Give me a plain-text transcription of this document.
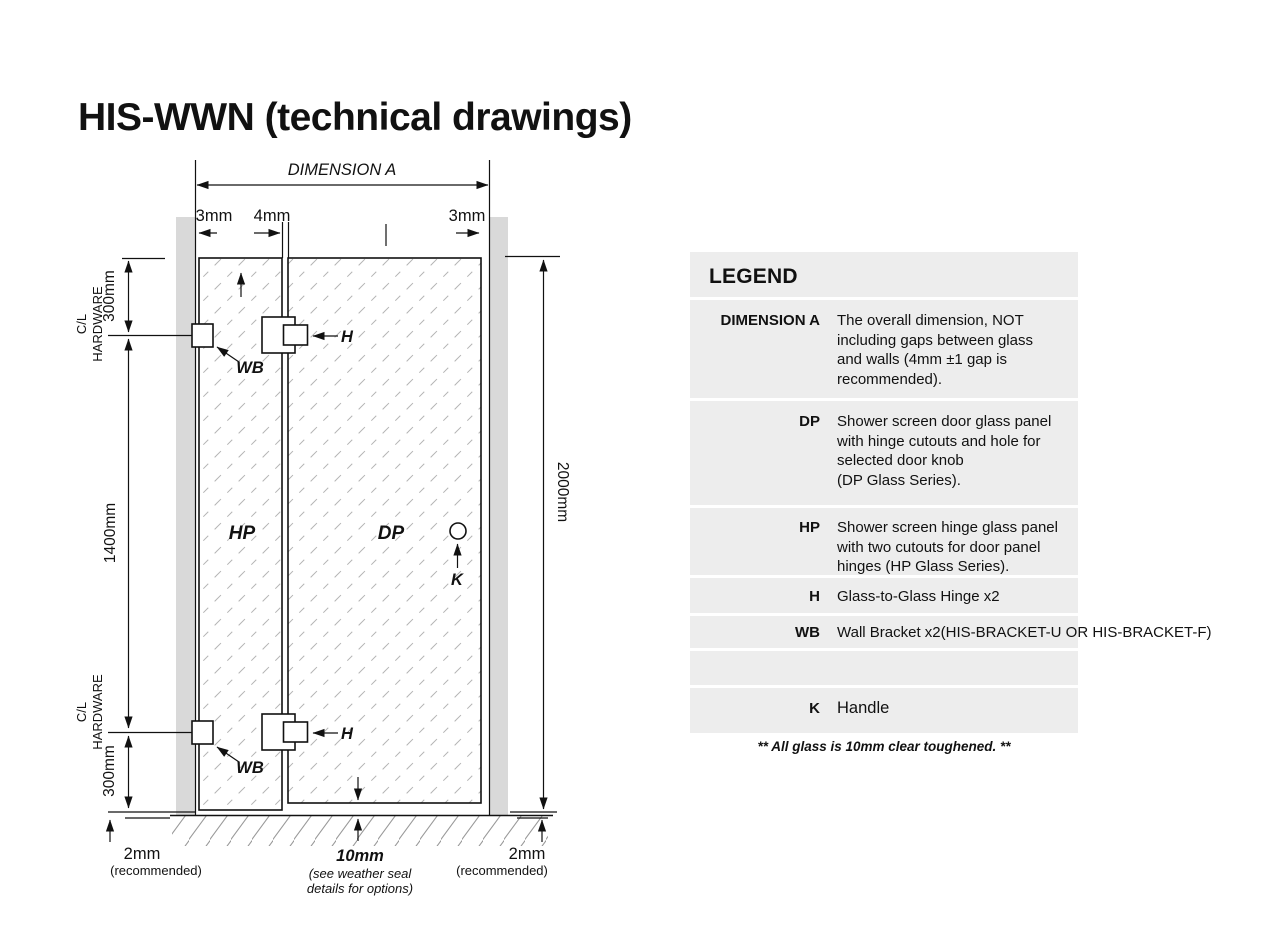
HIS-WWN (technical drawings)
DIMENSION A
3mm 4mm	3mm
300mm
1400mm
300mm
C/L HARDWARE
C/L HARDWARE
2000mm
2mm
(recommended)
10mm
(see weather seal
details for options)
2mm
(recommended)
WB
WB
H
H
K
HP	DP
LEGEND
DIMENSION A The overall dimension, NOT
including gaps between glass
and walls (4mm ±1 gap is
recommended).
DP Shower screen door glass panel
with hinge cutouts and hole for
selected door knob
(DP Glass Series).
HP Shower screen hinge glass panel
with two cutouts for door panel
hinges (HP Glass Series).
H Glass-to-Glass Hinge x2
WB Wall Bracket x2(HIS-BRACKET-U OR HIS-BRACKET-F)
K Handle
** All glass is 10mm clear toughened. **
